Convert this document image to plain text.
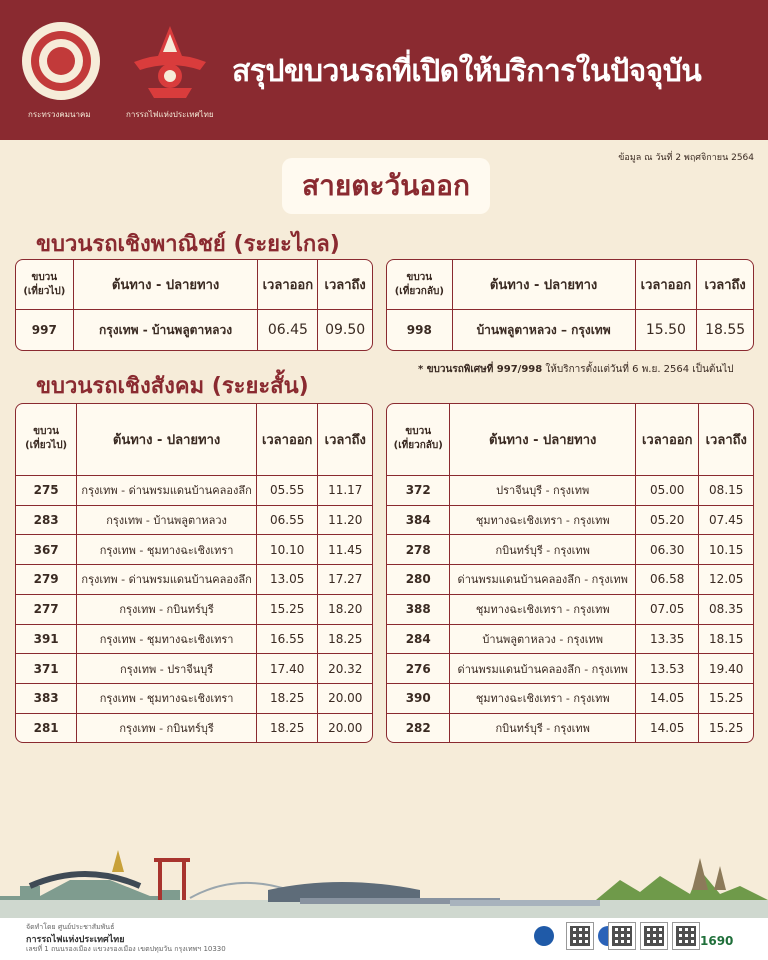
กระทรวงคมนาคม	การรถไฟแห่งประเทศไทย
สรุปขบวนรถที่เปิดให้บริการในปัจจุบัน
ข้อมูล ณ วันที่ 2 พฤศจิกายน 2564
สายตะวันออก
ขบวนรถเชิงพาณิชย์ (ระยะไกล)
ขบวน
(เที่ยวไป)	ต้นทาง - ปลายทาง	เวลาออก	เวลาถึง
997	กรุงเทพ - บ้านพลูตาหลวง	06.45	09.50
ขบวน
(เที่ยวกลับ)	ต้นทาง - ปลายทาง	เวลาออก	เวลาถึง
998	บ้านพลูตาหลวง – กรุงเทพ	15.50	18.55
* ขบวนรถพิเศษที่ 997/998 ให้บริการตั้งแต่วันที่ 6 พ.ย. 2564 เป็นต้นไป
ขบวนรถเชิงสังคม (ระยะสั้น)
ขบวน
(เที่ยวไป)	ต้นทาง - ปลายทาง	เวลาออก	เวลาถึง
275	กรุงเทพ - ด่านพรมแดนบ้านคลองลึก	05.55	11.17
283	กรุงเทพ - บ้านพลูตาหลวง	06.55	11.20
367	กรุงเทพ - ชุมทางฉะเชิงเทรา	10.10	11.45
279	กรุงเทพ - ด่านพรมแดนบ้านคลองลึก	13.05	17.27
277	กรุงเทพ - กบินทร์บุรี	15.25	18.20
391	กรุงเทพ - ชุมทางฉะเชิงเทรา	16.55	18.25
371	กรุงเทพ - ปราจีนบุรี	17.40	20.32
383	กรุงเทพ - ชุมทางฉะเชิงเทรา	18.25	20.00
281	กรุงเทพ - กบินทร์บุรี	18.25	20.00
ขบวน
(เที่ยวกลับ)	ต้นทาง - ปลายทาง	เวลาออก	เวลาถึง
372	ปราจีนบุรี - กรุงเทพ	05.00	08.15
384	ชุมทางฉะเชิงเทรา - กรุงเทพ	05.20	07.45
278	กบินทร์บุรี - กรุงเทพ	06.30	10.15
280	ด่านพรมแดนบ้านคลองลึก - กรุงเทพ	06.58	12.05
388	ชุมทางฉะเชิงเทรา - กรุงเทพ	07.05	08.35
284	บ้านพลูตาหลวง - กรุงเทพ	13.35	18.15
276	ด่านพรมแดนบ้านคลองลึก - กรุงเทพ	13.53	19.40
390	ชุมทางฉะเชิงเทรา - กรุงเทพ	14.05	15.25
282	กบินทร์บุรี - กรุงเทพ	14.05	15.25
จัดทำโดย ศูนย์ประชาสัมพันธ์
การรถไฟแห่งประเทศไทย
เลขที่ 1 ถนนรองเมือง แขวงรองเมือง เขตปทุมวัน กรุงเทพฯ 10330
1690
